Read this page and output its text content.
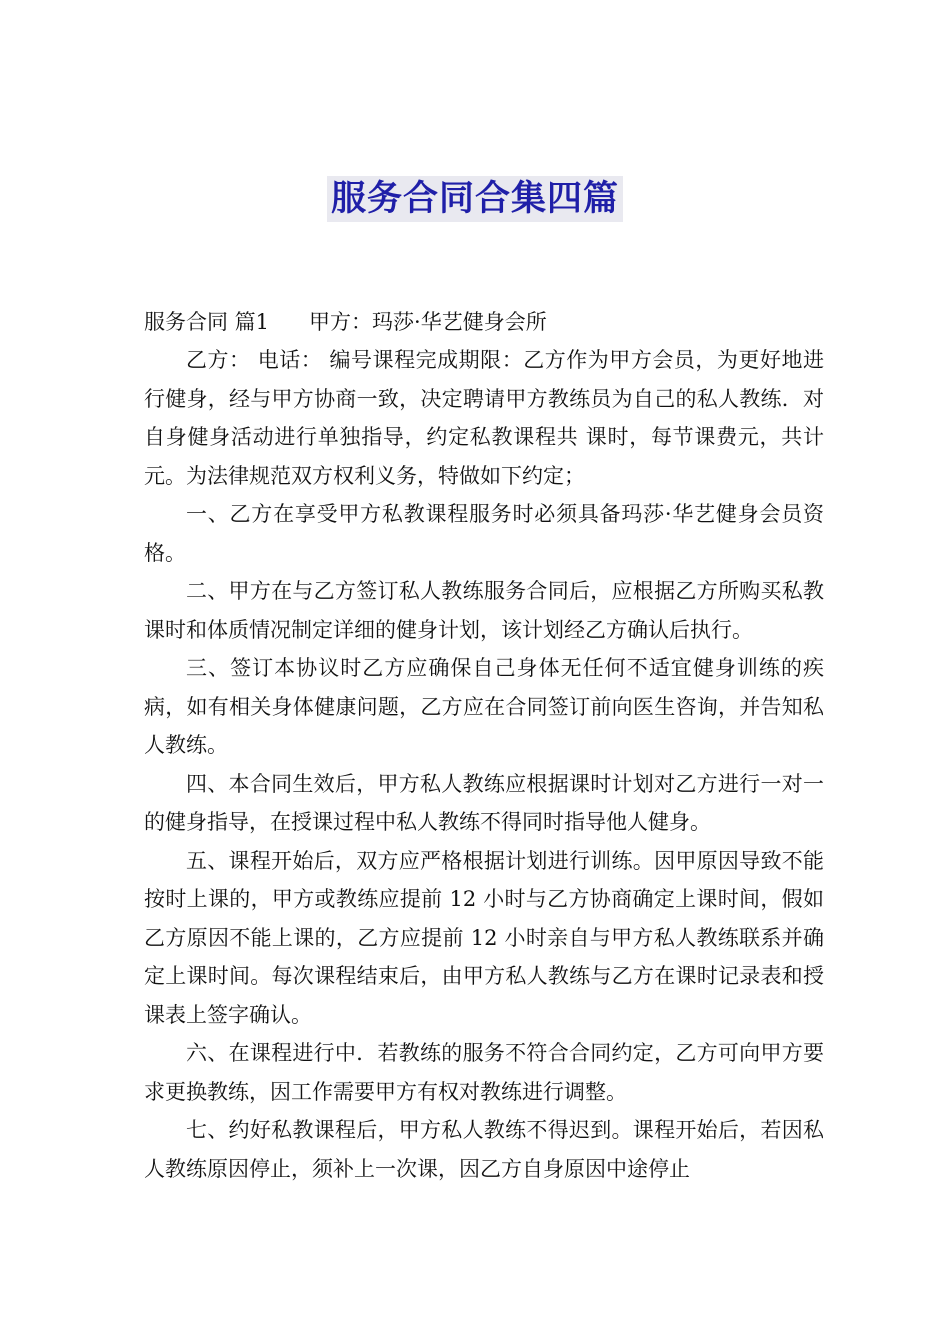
服务合同合集四篇
服务合同 篇1 甲方：玛莎·华艺健身会所

乙方： 电话： 编号课程完成期限：乙方作为甲方会员，为更好地进行健身，经与甲方协商一致，决定聘请甲方教练员为自己的私人教练．对自身健身活动进行单独指导，约定私教课程共 课时，每节课费元，共计元。为法律规范双方权利义务，特做如下约定；

一、乙方在享受甲方私教课程服务时必须具备玛莎·华艺健身会员资格。

二、甲方在与乙方签订私人教练服务合同后，应根据乙方所购买私教课时和体质情况制定详细的健身计划，该计划经乙方确认后执行。

三、签订本协议时乙方应确保自己身体无任何不适宜健身训练的疾病，如有相关身体健康问题，乙方应在合同签订前向医生咨询，并告知私人教练。

四、本合同生效后，甲方私人教练应根据课时计划对乙方进行一对一的健身指导，在授课过程中私人教练不得同时指导他人健身。

五、课程开始后，双方应严格根据计划进行训练。因甲原因导致不能按时上课的，甲方或教练应提前 12 小时与乙方协商确定上课时间，假如乙方原因不能上课的，乙方应提前 12 小时亲自与甲方私人教练联系并确定上课时间。每次课程结束后，由甲方私人教练与乙方在课时记录表和授课表上签字确认。

六、在课程进行中．若教练的服务不符合合同约定，乙方可向甲方要求更换教练，因工作需要甲方有权对教练进行调整。

七、约好私教课程后，甲方私人教练不得迟到。课程开始后，若因私人教练原因停止，须补上一次课，因乙方自身原因中途停止
